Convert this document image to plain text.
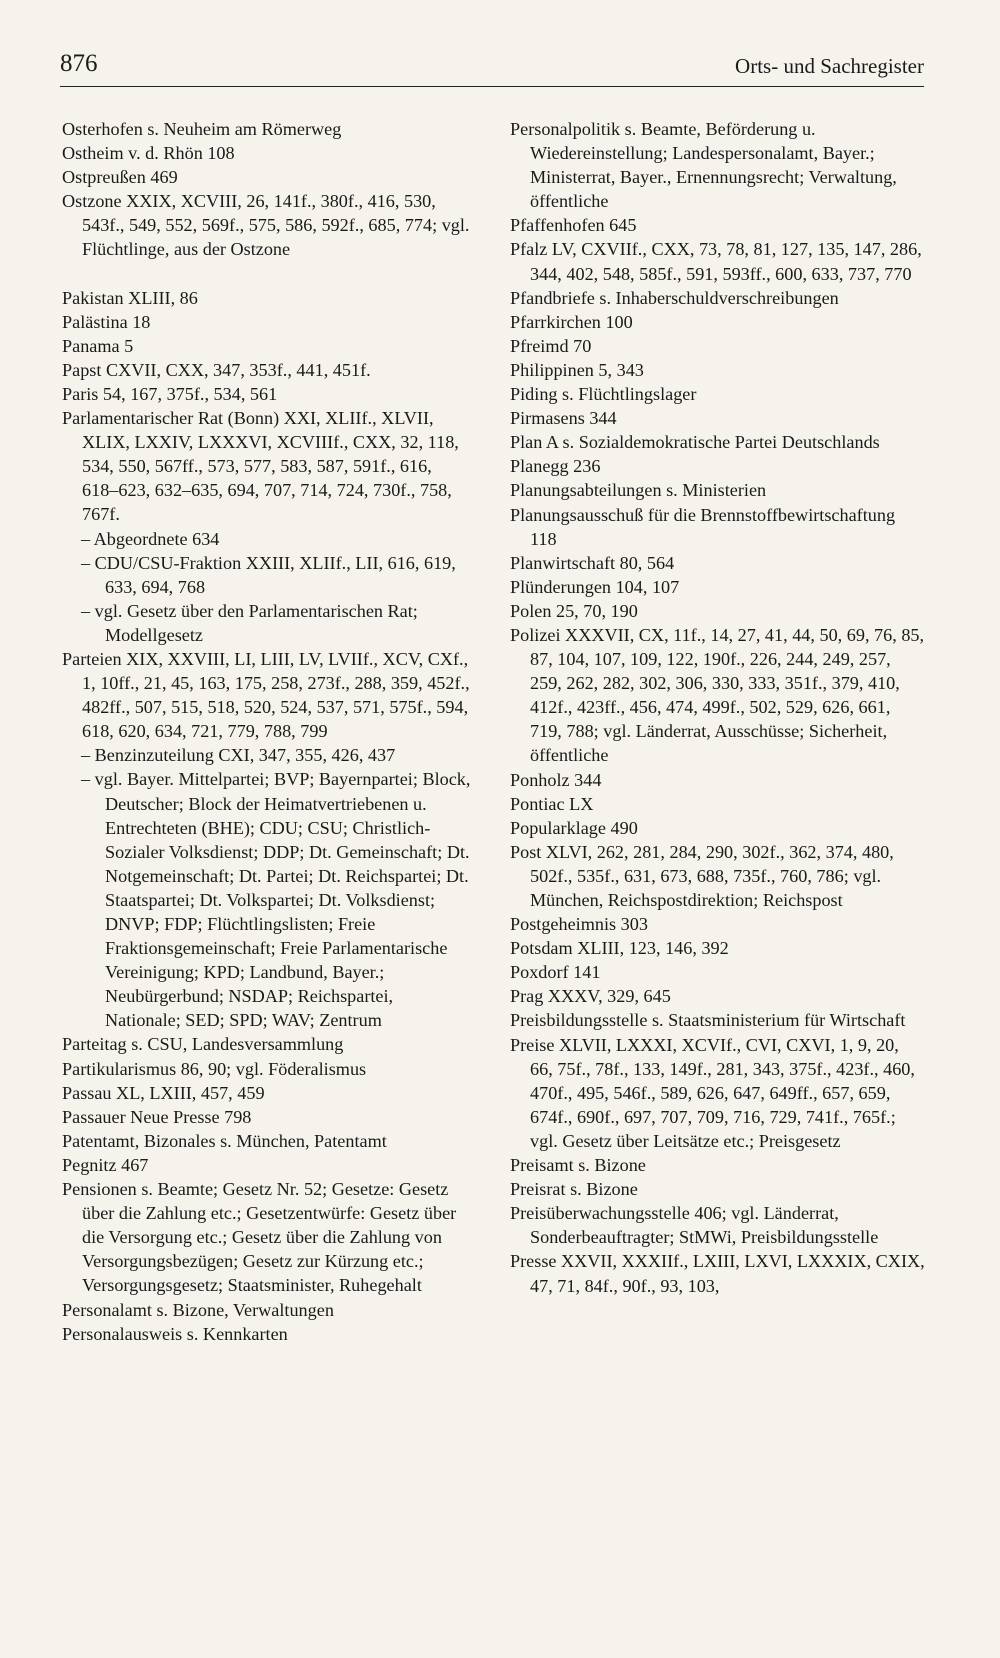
876	Orts- und Sachregister

Osterhofen s. Neuheim am Römerweg

Ostheim v. d. Rhön 108

Ostpreußen 469

Ostzone XXIX, XCVIII, 26, 141f., 380f., 416, 530, 543f., 549, 552, 569f., 575, 586, 592f., 685, 774; vgl. Flüchtlinge, aus der Ostzone

Pakistan XLIII, 86

Palästina 18

Panama 5

Papst CXVII, CXX, 347, 353f., 441, 451f.

Paris 54, 167, 375f., 534, 561

Parlamentarischer Rat (Bonn) XXI, XLIIf., XLVII, XLIX, LXXIV, LXXXVI, XCVIIIf., CXX, 32, 118, 534, 550, 567ff., 573, 577, 583, 587, 591f., 616, 618–623, 632–635, 694, 707, 714, 724, 730f., 758, 767f.

– Abgeordnete 634

– CDU/CSU-Fraktion XXIII, XLIIf., LII, 616, 619, 633, 694, 768

– vgl. Gesetz über den Parlamentarischen Rat; Modellgesetz

Parteien XIX, XXVIII, LI, LIII, LV, LVIIf., XCV, CXf., 1, 10ff., 21, 45, 163, 175, 258, 273f., 288, 359, 452f., 482ff., 507, 515, 518, 520, 524, 537, 571, 575f., 594, 618, 620, 634, 721, 779, 788, 799

– Benzinzuteilung CXI, 347, 355, 426, 437

– vgl. Bayer. Mittelpartei; BVP; Bayernpartei; Block, Deutscher; Block der Heimatvertriebenen u. Entrechteten (BHE); CDU; CSU; Christlich-Sozialer Volksdienst; DDP; Dt. Gemeinschaft; Dt. Notgemeinschaft; Dt. Partei; Dt. Reichspartei; Dt. Staatspartei; Dt. Volkspartei; Dt. Volksdienst; DNVP; FDP; Flüchtlingslisten; Freie Fraktionsgemeinschaft; Freie Parlamentarische Vereinigung; KPD; Landbund, Bayer.; Neubürgerbund; NSDAP; Reichspartei, Nationale; SED; SPD; WAV; Zentrum

Parteitag s. CSU, Landesversammlung

Partikularismus 86, 90; vgl. Föderalismus

Passau XL, LXIII, 457, 459

Passauer Neue Presse 798

Patentamt, Bizonales s. München, Patentamt

Pegnitz 467

Pensionen s. Beamte; Gesetz Nr. 52; Gesetze: Gesetz über die Zahlung etc.; Gesetzentwürfe: Gesetz über die Versorgung etc.; Gesetz über die Zahlung von Versorgungsbezügen; Gesetz zur Kürzung etc.; Versorgungsgesetz; Staatsminister, Ruhegehalt

Personalamt s. Bizone, Verwaltungen

Personalausweis s. Kennkarten

Personalpolitik s. Beamte, Beförderung u. Wiedereinstellung; Landespersonalamt, Bayer.; Ministerrat, Bayer., Ernennungsrecht; Verwaltung, öffentliche

Pfaffenhofen 645

Pfalz LV, CXVIIf., CXX, 73, 78, 81, 127, 135, 147, 286, 344, 402, 548, 585f., 591, 593ff., 600, 633, 737, 770

Pfandbriefe s. Inhaberschuldverschreibungen

Pfarrkirchen 100

Pfreimd 70

Philippinen 5, 343

Piding s. Flüchtlingslager

Pirmasens 344

Plan A s. Sozialdemokratische Partei Deutschlands

Planegg 236

Planungsabteilungen s. Ministerien

Planungsausschuß für die Brennstoffbewirtschaftung 118

Planwirtschaft 80, 564

Plünderungen 104, 107

Polen 25, 70, 190

Polizei XXXVII, CX, 11f., 14, 27, 41, 44, 50, 69, 76, 85, 87, 104, 107, 109, 122, 190f., 226, 244, 249, 257, 259, 262, 282, 302, 306, 330, 333, 351f., 379, 410, 412f., 423ff., 456, 474, 499f., 502, 529, 626, 661, 719, 788; vgl. Länderrat, Ausschüsse; Sicherheit, öffentliche

Ponholz 344

Pontiac LX

Popularklage 490

Post XLVI, 262, 281, 284, 290, 302f., 362, 374, 480, 502f., 535f., 631, 673, 688, 735f., 760, 786; vgl. München, Reichspostdirektion; Reichspost

Postgeheimnis 303

Potsdam XLIII, 123, 146, 392

Poxdorf 141

Prag XXXV, 329, 645

Preisbildungsstelle s. Staatsministerium für Wirtschaft

Preise XLVII, LXXXI, XCVIf., CVI, CXVI, 1, 9, 20, 66, 75f., 78f., 133, 149f., 281, 343, 375f., 423f., 460, 470f., 495, 546f., 589, 626, 647, 649ff., 657, 659, 674f., 690f., 697, 707, 709, 716, 729, 741f., 765f.; vgl. Gesetz über Leitsätze etc.; Preisgesetz

Preisamt s. Bizone

Preisrat s. Bizone

Preisüberwachungsstelle 406; vgl. Länderrat, Sonderbeauftragter; StMWi, Preisbildungsstelle

Presse XXVII, XXXIIf., LXIII, LXVI, LXXXIX, CXIX, 47, 71, 84f., 90f., 93, 103,
